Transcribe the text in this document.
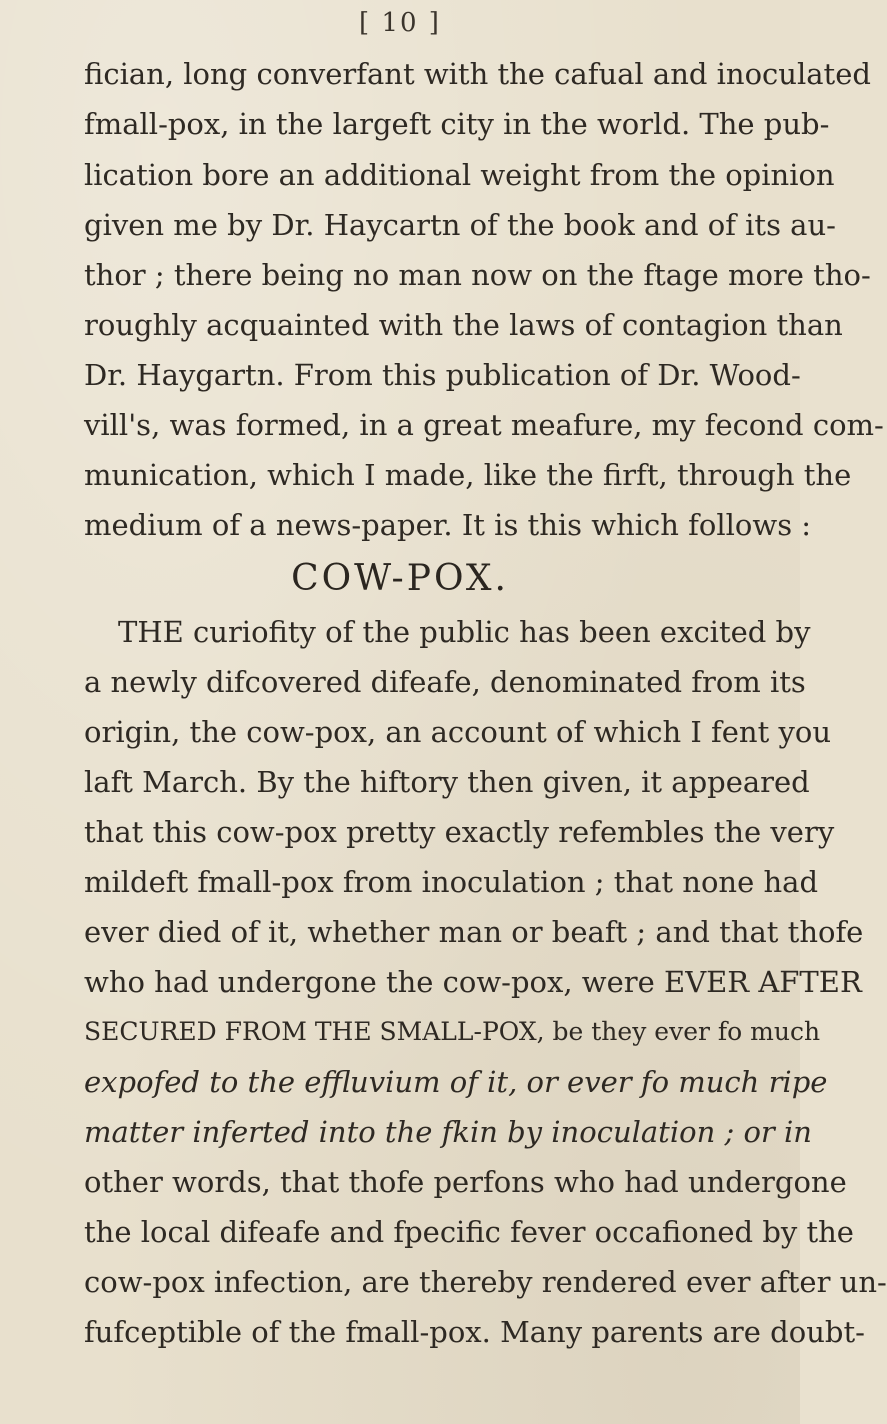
[ 10 ]
fician, long converfant with the cafual and inoculated
fmall-pox, in the largeft city in the world. The pub-
lication bore an additional weight from the opinion
given me by Dr. Haycartn of the book and of its au-
thor ; there being no man now on the ftage more tho-
roughly acquainted with the laws of contagion than
Dr. Haygartn. From this publication of Dr. Wood-
vill's, was formed, in a great meafure, my fecond com-
munication, which I made, like the firft, through the
medium of a news-paper. It is this which follows :
COW-POX.
THE curiofity of the public has been excited by
a newly difcovered difeafe, denominated from its
origin, the cow-pox, an account of which I fent you
laft March. By the hiftory then given, it appeared
that this cow-pox pretty exactly refembles the very
mildeft fmall-pox from inoculation ; that none had
ever died of it, whether man or beaft ; and that thofe
who had undergone the cow-pox, were EVER AFTER
SECURED FROM THE SMALL-POX, be they ever fo much
expofed to the effluvium of it, or ever fo much ripe
matter inferted into the fkin by inoculation ; or in
other words, that thofe perfons who had undergone
the local difeafe and fpecific fever occafioned by the
cow-pox infection, are thereby rendered ever after un-
fufceptible of the fmall-pox. Many parents are doubt-
